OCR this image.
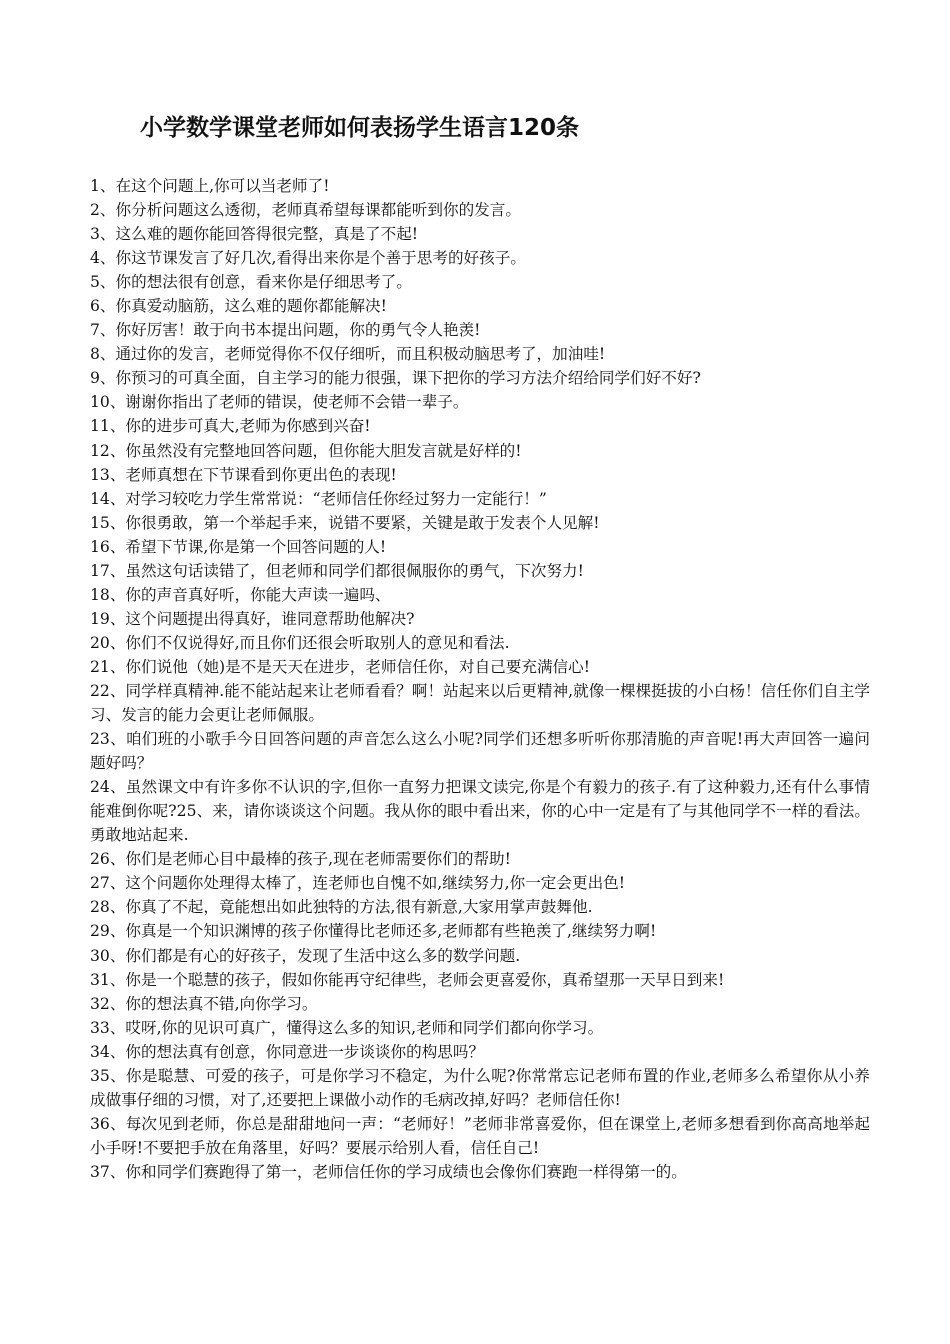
小学数学课堂老师如何表扬学生语言120条
1、在这个问题上,你可以当老师了!
2、你分析问题这么透彻，老师真希望每课都能听到你的发言。
3、这么难的题你能回答得很完整，真是了不起!
4、你这节课发言了好几次,看得出来你是个善于思考的好孩子。
5、你的想法很有创意，看来你是仔细思考了。
6、你真爱动脑筋，这么难的题你都能解决!
7、你好厉害！敢于向书本提出问题，你的勇气令人艳羡!
8、通过你的发言，老师觉得你不仅仔细听，而且积极动脑思考了，加油哇!
9、你预习的可真全面，自主学习的能力很强，课下把你的学习方法介绍给同学们好不好?
10、谢谢你指出了老师的错误，使老师不会错一辈子。
11、你的进步可真大,老师为你感到兴奋!
12、你虽然没有完整地回答问题，但你能大胆发言就是好样的!
13、老师真想在下节课看到你更出色的表现!
14、对学习较吃力学生常常说：“老师信任你经过努力一定能行！”
15、你很勇敢，第一个举起手来，说错不要紧，关键是敢于发表个人见解!
16、希望下节课,你是第一个回答问题的人!
17、虽然这句话读错了，但老师和同学们都很佩服你的勇气，下次努力!
18、你的声音真好听，你能大声读一遍吗、
19、这个问题提出得真好，谁同意帮助他解决?
20、你们不仅说得好,而且你们还很会听取别人的意见和看法.
21、你们说他（她)是不是天天在进步，老师信任你，对自己要充满信心!
22、同学样真精神.能不能站起来让老师看看？啊！站起来以后更精神,就像一棵棵挺拔的小白杨！信任你们自主学习、发言的能力会更让老师佩服。
23、咱们班的小歌手今日回答问题的声音怎么这么小呢?同学们还想多听听你那清脆的声音呢!再大声回答一遍问题好吗？
24、虽然课文中有许多你不认识的字,但你一直努力把课文读完,你是个有毅力的孩子.有了这种毅力,还有什么事情能难倒你呢?25、来，请你谈谈这个问题。我从你的眼中看出来，你的心中一定是有了与其他同学不一样的看法。勇敢地站起来.
26、你们是老师心目中最棒的孩子,现在老师需要你们的帮助!
27、这个问题你处理得太棒了，连老师也自愧不如,继续努力,你一定会更出色!
28、你真了不起，竟能想出如此独特的方法,很有新意,大家用掌声鼓舞他.
29、你真是一个知识渊博的孩子你懂得比老师还多,老师都有些艳羡了,继续努力啊!
30、你们都是有心的好孩子，发现了生活中这么多的数学问题.
31、你是一个聪慧的孩子，假如你能再守纪律些，老师会更喜爱你，真希望那一天早日到来!
32、你的想法真不错,向你学习。
33、哎呀,你的见识可真广，懂得这么多的知识,老师和同学们都向你学习。
34、你的想法真有创意，你同意进一步谈谈你的构思吗？
35、你是聪慧、可爱的孩子，可是你学习不稳定，为什么呢?你常常忘记老师布置的作业,老师多么希望你从小养成做事仔细的习惯，对了,还要把上课做小动作的毛病改掉,好吗？老师信任你!
36、每次见到老师，你总是甜甜地问一声：“老师好！”老师非常喜爱你，但在课堂上,老师多想看到你高高地举起小手呀!不要把手放在角落里，好吗？要展示给别人看，信任自己!
37、你和同学们赛跑得了第一，老师信任你的学习成绩也会像你们赛跑一样得第一的。
